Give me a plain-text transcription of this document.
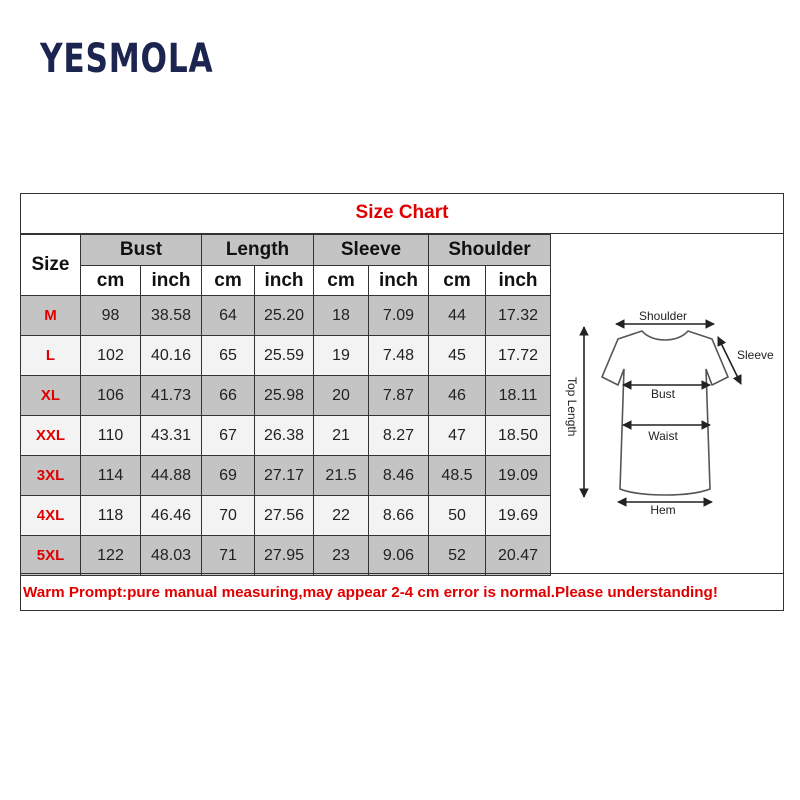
YESMOLA
Size Chart
Size	Bust		Length		Sleeve		Shoulder	
	cm	inch	cm	inch	cm	inch	cm	inch
M	98	38.58	64	25.20	18	7.09	44	17.32
L	102	40.16	65	25.59	19	7.48	45	17.72
XL	106	41.73	66	25.98	20	7.87	46	18.11
XXL	110	43.31	67	26.38	21	8.27	47	18.50
3XL	114	44.88	69	27.17	21.5	8.46	48.5	19.09
4XL	118	46.46	70	27.56	22	8.66	50	19.69
5XL	122	48.03	71	27.95	23	9.06	52	20.47
Shoulder
Sleeve
Bust
Waist
Hem
Top Length
Warm Prompt:pure manual measuring,may appear 2-4 cm error is normal.Please understanding!
